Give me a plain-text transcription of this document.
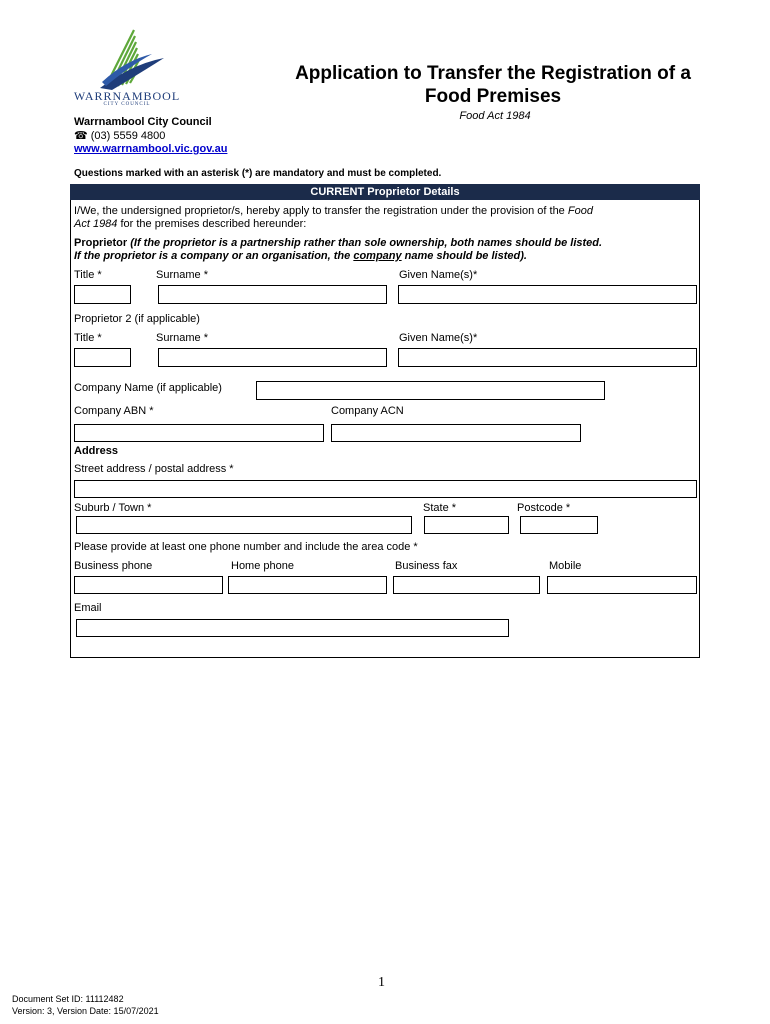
WARRNAMBOOL
CITY COUNCIL
Application to Transfer the Registration of a
Food Premises
Food Act 1984
Warrnambool City Council
☎ (03) 5559 4800
www.warrnambool.vic.gov.au
Questions marked with an asterisk (*) are mandatory and must be completed.
CURRENT Proprietor Details
I/We, the undersigned proprietor/s, hereby apply to transfer the registration under the provision of the Food
Act 1984 for the premises described hereunder:
Proprietor (If the proprietor is a partnership rather than sole ownership, both names should be listed.
If the proprietor is a company or an organisation, the company name should be listed).
Title *	Surname *	Given Name(s)*
Proprietor 2 (if applicable)
Title *	Surname *	Given Name(s)*
Company Name (if applicable)
Company ABN *	Company ACN
Address
Street address / postal address *
Suburb / Town *	State *	Postcode *
Please provide at least one phone number and include the area code *
Business phone	Home phone	Business fax	Mobile
Email
1
Document Set ID: 11112482
Version: 3, Version Date: 15/07/2021
